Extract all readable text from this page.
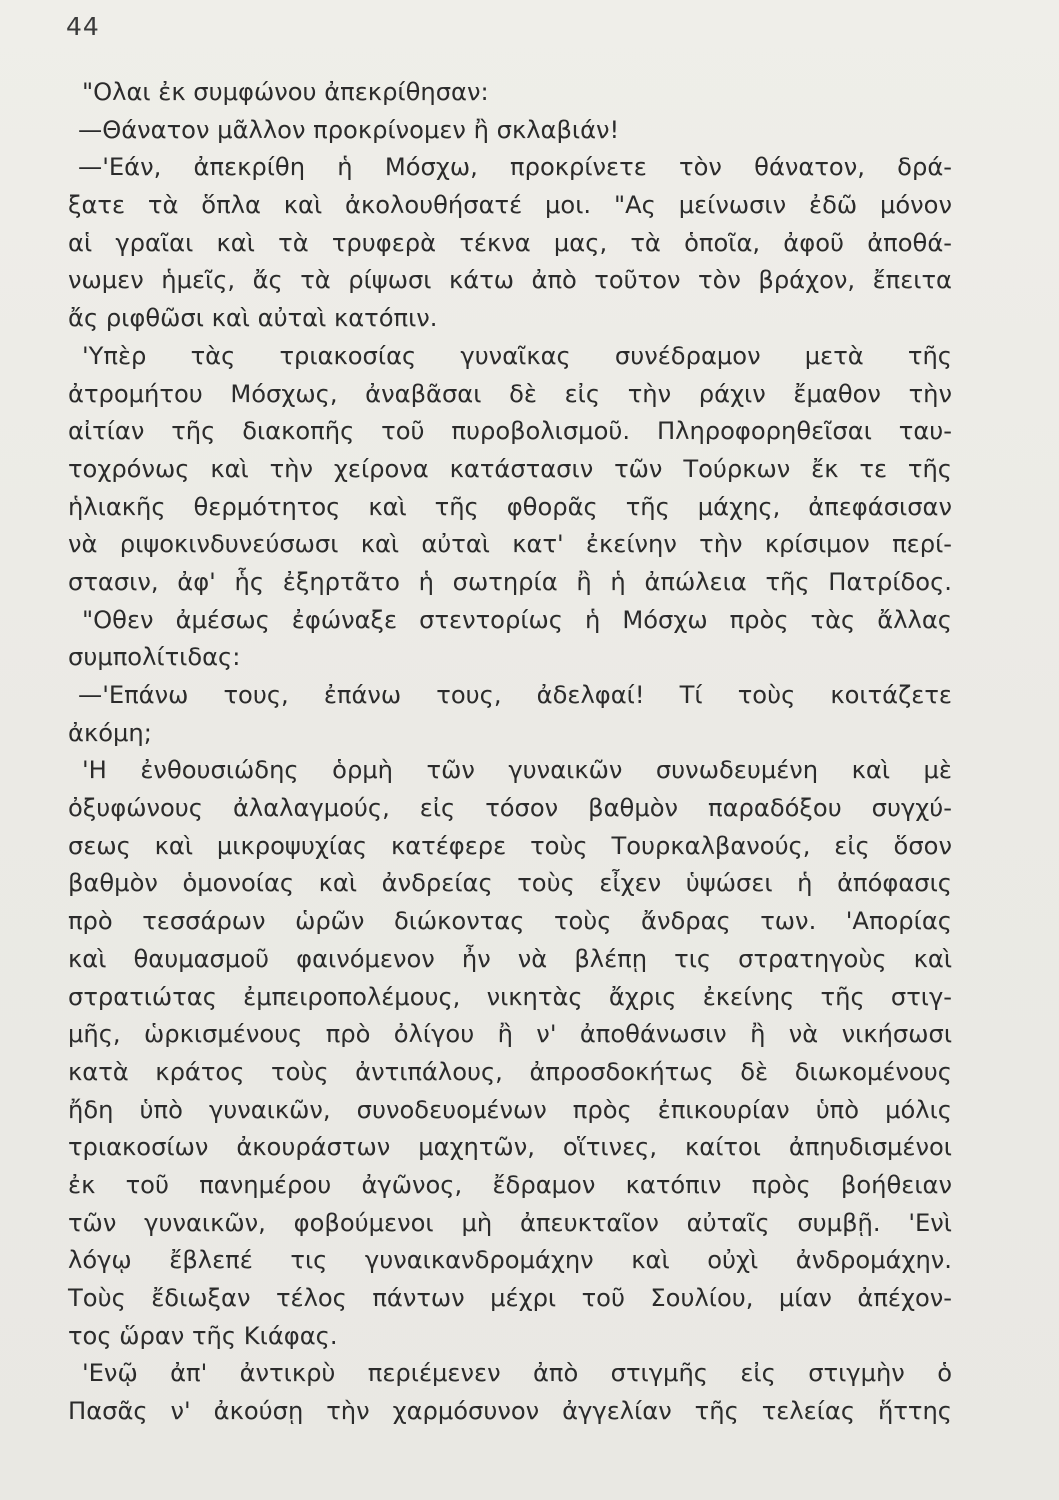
44
"Ολαι ἐκ συμφώνου ἀπεκρίθησαν:
—Θάνατον μᾶλλον προκρίνομεν ἢ σκλαβιάν!
—'Εάν, ἀπεκρίθη ἡ Μόσχω, προκρίνετε τὸν θάνατον, δρά-
ξατε τὰ ὅπλα καὶ ἀκολουθήσατέ μοι. "Ας μείνωσιν ἐδῶ μόνον
αἱ γραῖαι καὶ τὰ τρυφερὰ τέκνα μας, τὰ ὁποῖα, ἀφοῦ ἀποθά-
νωμεν ἡμεῖς, ἄς τὰ ρίψωσι κάτω ἀπὸ τοῦτον τὸν βράχον, ἔπειτα
ἄς ριφθῶσι καὶ αὐταὶ κατόπιν.
'Υπὲρ τὰς τριακοσίας γυναῖκας συνέδραμον μετὰ τῆς
ἀτρομήτου Μόσχως, ἀναβᾶσαι δὲ εἰς τὴν ράχιν ἔμαθον τὴν
αἰτίαν τῆς διακοπῆς τοῦ πυροβολισμοῦ. Πληροφορηθεῖσαι ταυ-
τοχρόνως καὶ τὴν χείρονα κατάστασιν τῶν Τούρκων ἔκ τε τῆς
ἡλιακῆς θερμότητος καὶ τῆς φθορᾶς τῆς μάχης, ἀπεφάσισαν
νὰ ριψοκινδυνεύσωσι καὶ αὐταὶ κατ' ἐκείνην τὴν κρίσιμον περί-
στασιν, ἀφ' ἧς ἐξηρτᾶτο ἡ σωτηρία ἢ ἡ ἀπώλεια τῆς Πατρίδος.
"Οθεν ἀμέσως ἐφώναξε στεντορίως ἡ Μόσχω πρὸς τὰς ἄλλας
συμπολίτιδας:
—'Επάνω τους, ἐπάνω τους, ἀδελφαί! Τί τοὺς κοιτάζετε
ἀκόμη;
'Η ἐνθουσιώδης ὁρμὴ τῶν γυναικῶν συνωδευμένη καὶ μὲ
ὀξυφώνους ἀλαλαγμούς, εἰς τόσον βαθμὸν παραδόξου συγχύ-
σεως καὶ μικροψυχίας κατέφερε τοὺς Τουρκαλβανούς, εἰς ὅσον
βαθμὸν ὁμονοίας καὶ ἀνδρείας τοὺς εἶχεν ὑψώσει ἡ ἀπόφασις
πρὸ τεσσάρων ὡρῶν διώκοντας τοὺς ἄνδρας των. 'Απορίας
καὶ θαυμασμοῦ φαινόμενον ἦν νὰ βλέπῃ τις στρατηγοὺς καὶ
στρατιώτας ἐμπειροπολέμους, νικητὰς ἄχρις ἐκείνης τῆς στιγ-
μῆς, ὡρκισμένους πρὸ ὀλίγου ἢ ν' ἀποθάνωσιν ἢ νὰ νικήσωσι
κατὰ κράτος τοὺς ἀντιπάλους, ἀπροσδοκήτως δὲ διωκομένους
ἤδη ὑπὸ γυναικῶν, συνοδευομένων πρὸς ἐπικουρίαν ὑπὸ μόλις
τριακοσίων ἀκουράστων μαχητῶν, οἵτινες, καίτοι ἀπηυδισμένοι
ἐκ τοῦ πανημέρου ἀγῶνος, ἔδραμον κατόπιν πρὸς βοήθειαν
τῶν γυναικῶν, φοβούμενοι μὴ ἀπευκταῖον αὐταῖς συμβῇ. 'Ενὶ
λόγῳ ἔβλεπέ τις γυναικανδρομάχην καὶ οὐχὶ ἀνδρομάχην.
Τοὺς ἔδιωξαν τέλος πάντων μέχρι τοῦ Σουλίου, μίαν ἀπέχον-
τος ὥραν τῆς Κιάφας.
'Ενῷ ἀπ' ἀντικρὺ περιέμενεν ἀπὸ στιγμῆς εἰς στιγμὴν ὁ
Πασᾶς ν' ἀκούσῃ τὴν χαρμόσυνον ἀγγελίαν τῆς τελείας ἥττης
